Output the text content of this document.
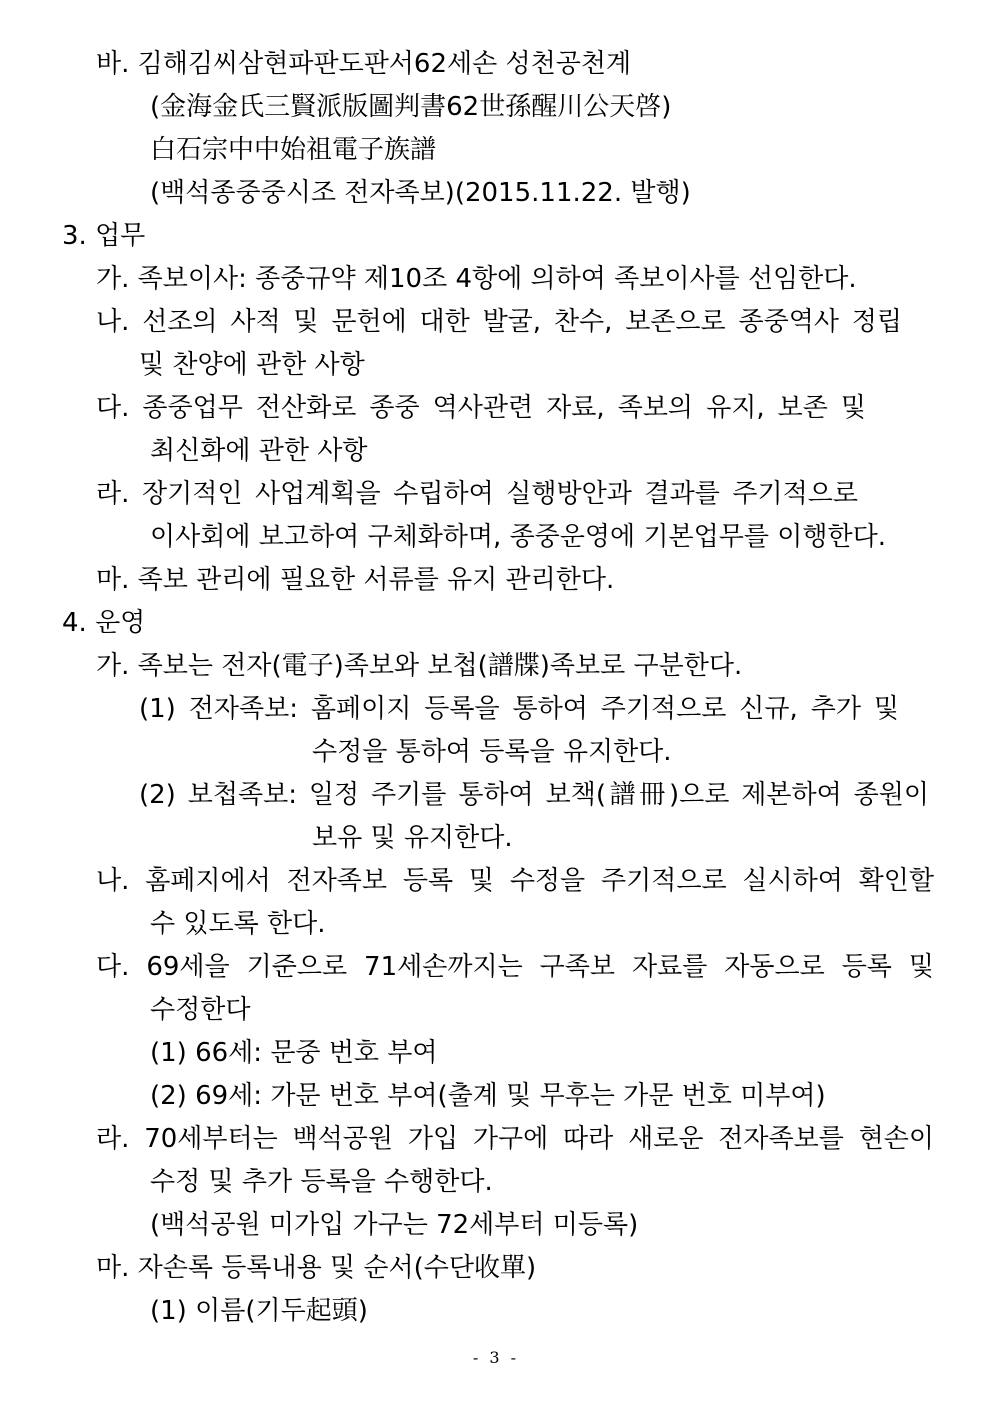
바. 김해김씨삼현파판도판서62세손 성천공천계
(金海金氏三賢派版圖判書62世孫醒川公天啓)
白石宗中中始祖電子族譜
(백석종중중시조 전자족보)(2015.11.22. 발행)
3. 업무
가. 족보이사: 종중규약 제10조 4항에 의하여 족보이사를 선임한다.
나. 선조의 사적 및 문헌에 대한 발굴, 찬수, 보존으로 종중역사 정립
및 찬양에 관한 사항
다. 종중업무 전산화로 종중 역사관련 자료, 족보의 유지, 보존 및
최신화에 관한 사항
라. 장기적인 사업계획을 수립하여 실행방안과 결과를 주기적으로
이사회에 보고하여 구체화하며, 종중운영에 기본업무를 이행한다.
마. 족보 관리에 필요한 서류를 유지 관리한다.
4. 운영
가. 족보는 전자(電子)족보와 보첩(譜牒)족보로 구분한다.
(1) 전자족보: 홈페이지 등록을 통하여 주기적으로 신규, 추가 및
수정을 통하여 등록을 유지한다.
(2) 보첩족보: 일정 주기를 통하여 보책(譜冊)으로 제본하여 종원이
보유 및 유지한다.
나. 홈페지에서 전자족보 등록 및 수정을 주기적으로 실시하여 확인할
수 있도록 한다.
다. 69세을 기준으로 71세손까지는 구족보 자료를 자동으로 등록 및
수정한다
(1) 66세: 문중 번호 부여
(2) 69세: 가문 번호 부여(출계 및 무후는 가문 번호 미부여)
라. 70세부터는 백석공원 가입 가구에 따라 새로운 전자족보를 현손이
수정 및 추가 등록을 수행한다.
(백석공원 미가입 가구는 72세부터 미등록)
마. 자손록 등록내용 및 순서(수단收單)
(1) 이름(기두起頭)
- 3 -
